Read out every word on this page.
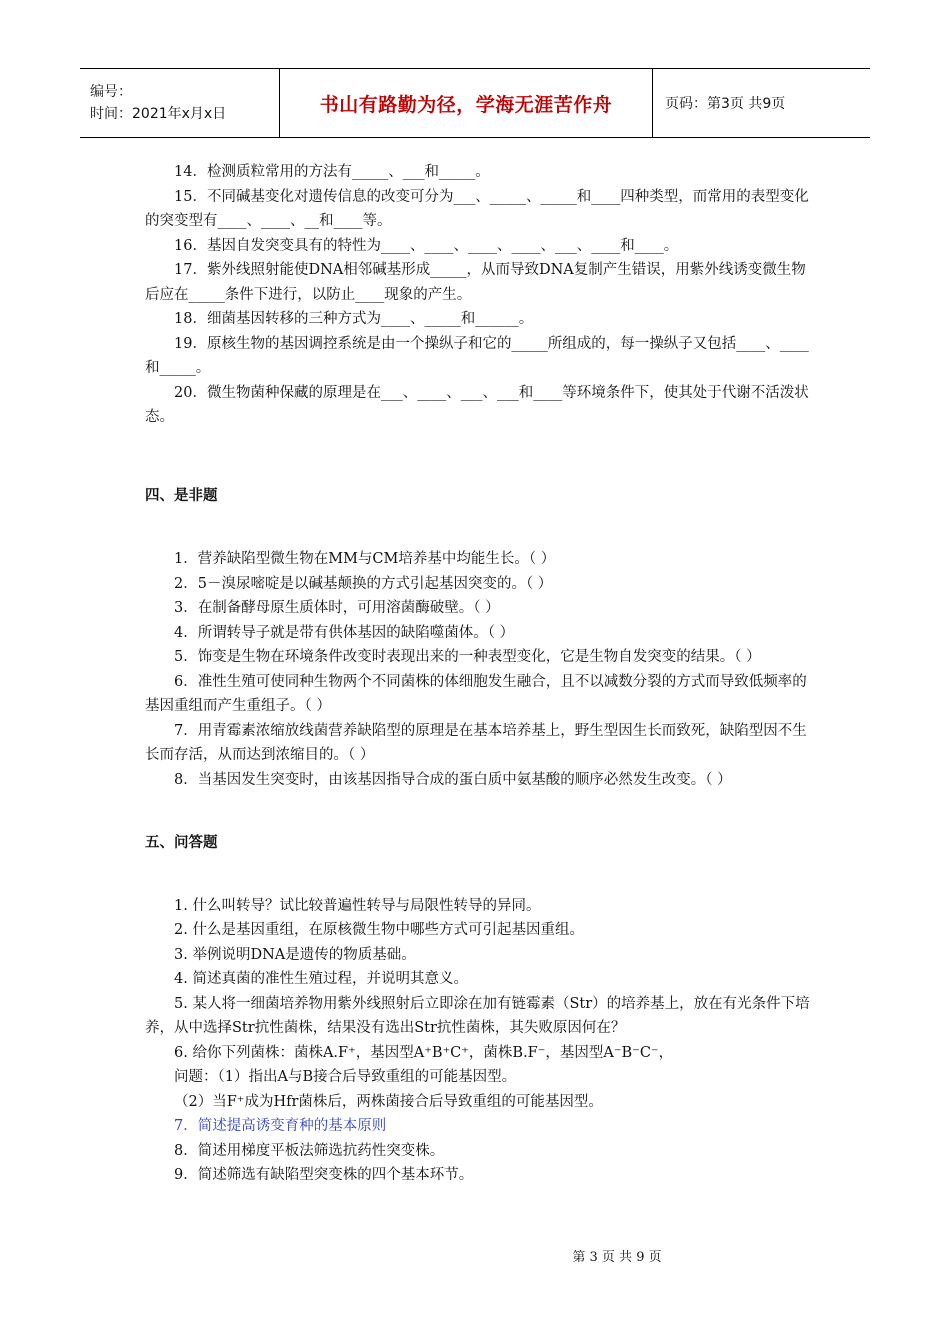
编号：
时间：2021年x月x日	书山有路勤为径，学海无涯苦作舟	页码：第3页 共9页

14．检测质粒常用的方法有_____、___和_____。

15．不同碱基变化对遗传信息的改变可分为___、_____、_____和____四种类型，而常用的表型变化的突变型有____、____、__和____等。

16．基因自发突变具有的特性为____、____、____、____、___、____和____。

17．紫外线照射能使DNA相邻碱基形成_____，从而导致DNA复制产生错误，用紫外线诱变微生物后应在_____条件下进行，以防止____现象的产生。

18．细菌基因转移的三种方式为____、_____和______。

19．原核生物的基因调控系统是由一个操纵子和它的_____所组成的，每一操纵子又包括____、____和_____。

20．微生物菌种保藏的原理是在___、____、___、___和____等环境条件下，使其处于代谢不活泼状态。

四、是非题

1．营养缺陷型微生物在MM与CM培养基中均能生长。（ ）

2．5－溴尿嘧啶是以碱基颠换的方式引起基因突变的。（ ）

3．在制备酵母原生质体时，可用溶菌酶破壁。（ ）

4．所谓转导子就是带有供体基因的缺陷噬菌体。（ ）

5．饰变是生物在环境条件改变时表现出来的一种表型变化，它是生物自发突变的结果。（ ）

6．准性生殖可使同种生物两个不同菌株的体细胞发生融合，且不以减数分裂的方式而导致低频率的基因重组而产生重组子。（ ）

7．用青霉素浓缩放线菌营养缺陷型的原理是在基本培养基上，野生型因生长而致死，缺陷型因不生长而存活，从而达到浓缩目的。（ ）

8．当基因发生突变时，由该基因指导合成的蛋白质中氨基酸的顺序必然发生改变。（ ）

五、问答题

1. 什么叫转导？试比较普遍性转导与局限性转导的异同。

2. 什么是基因重组，在原核微生物中哪些方式可引起基因重组。

3. 举例说明DNA是遗传的物质基础。

4. 简述真菌的准性生殖过程，并说明其意义。

5. 某人将一细菌培养物用紫外线照射后立即涂在加有链霉素（Str）的培养基上，放在有光条件下培养，从中选择Str抗性菌株，结果没有选出Str抗性菌株，其失败原因何在？

6. 给你下列菌株：菌株A.F⁺，基因型A⁺B⁺C⁺，菌株B.F⁻，基因型A⁻B⁻C⁻，

问题：（1）指出A与B接合后导致重组的可能基因型。

（2）当F⁺成为Hfr菌株后，两株菌接合后导致重组的可能基因型。

7．简述提高诱变育种的基本原则

8．简述用梯度平板法筛选抗药性突变株。

9．简述筛选有缺陷型突变株的四个基本环节。

第 3 页 共 9 页
